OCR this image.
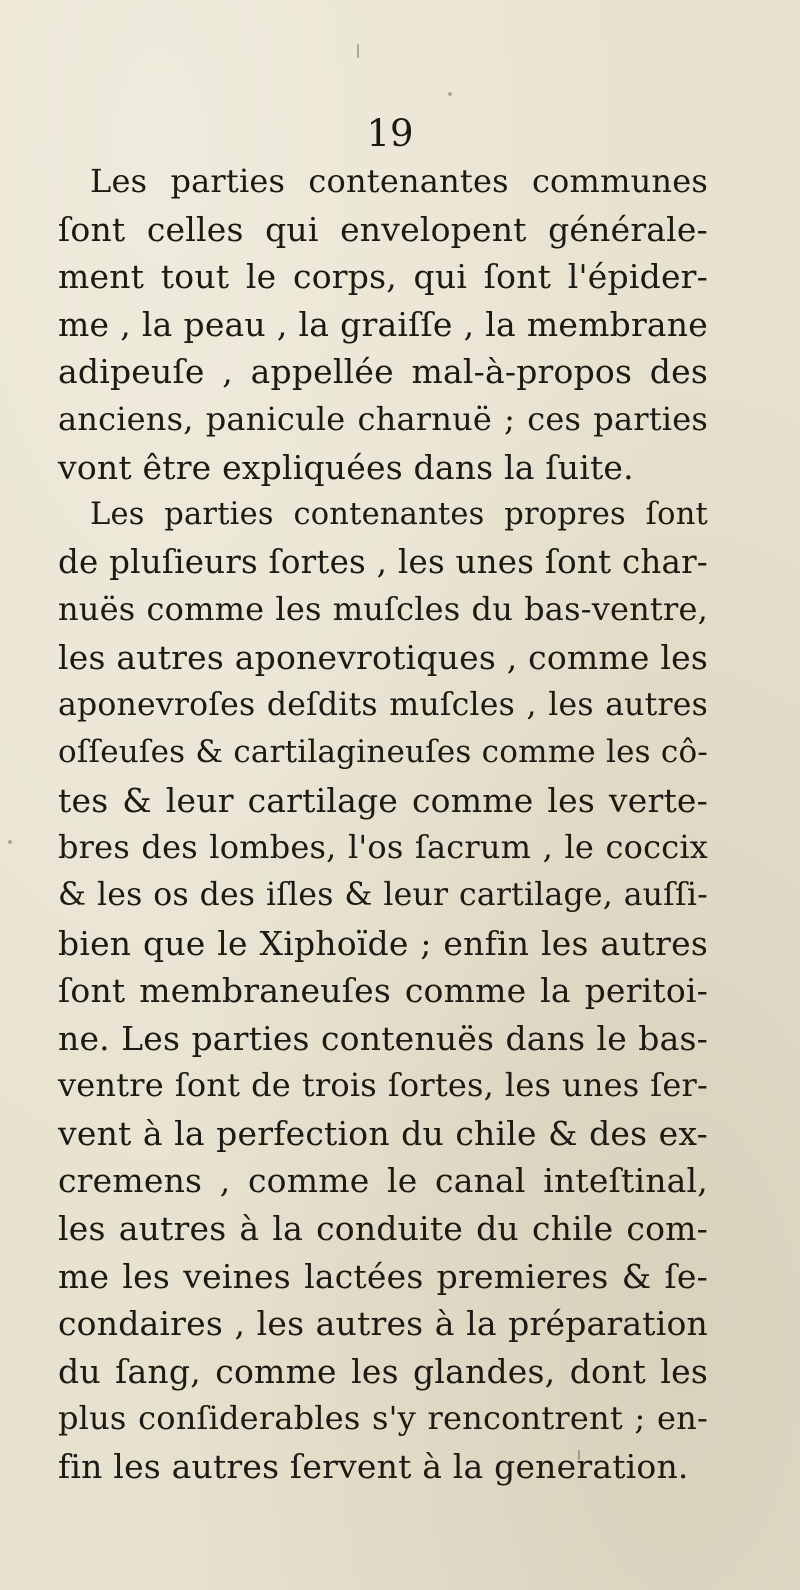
19
Les parties contenantes communes
ſont celles qui envelopent générale-
ment tout le corps, qui ſont l'épider-
me , la peau , la graiſſe , la membrane
adipeuſe , appellée mal-à-propos des
anciens, panicule charnuë ; ces parties
vont être expliquées dans la ſuite.
Les parties contenantes propres ſont
de pluſieurs ſortes , les unes ſont char-
nuës comme les muſcles du bas-ventre,
les autres aponevrotiques , comme les
aponevroſes deſdits muſcles , les autres
oſſeuſes & cartilagineuſes comme les cô-
tes & leur cartilage comme les verte-
bres des lombes, l'os ſacrum , le coccix
& les os des iſles & leur cartilage, auſſi-
bien que le Xiphoïde ; enfin les autres
ſont membraneuſes comme la peritoi-
ne. Les parties contenuës dans le bas-
ventre ſont de trois ſortes, les unes ſer-
vent à la perfection du chile & des ex-
cremens , comme le canal inteſtinal,
les autres à la conduite du chile com-
me les veines lactées premieres & ſe-
condaires , les autres à la préparation
du ſang, comme les glandes, dont les
plus conſiderables s'y rencontrent ; en-
fin les autres ſervent à la generation.
